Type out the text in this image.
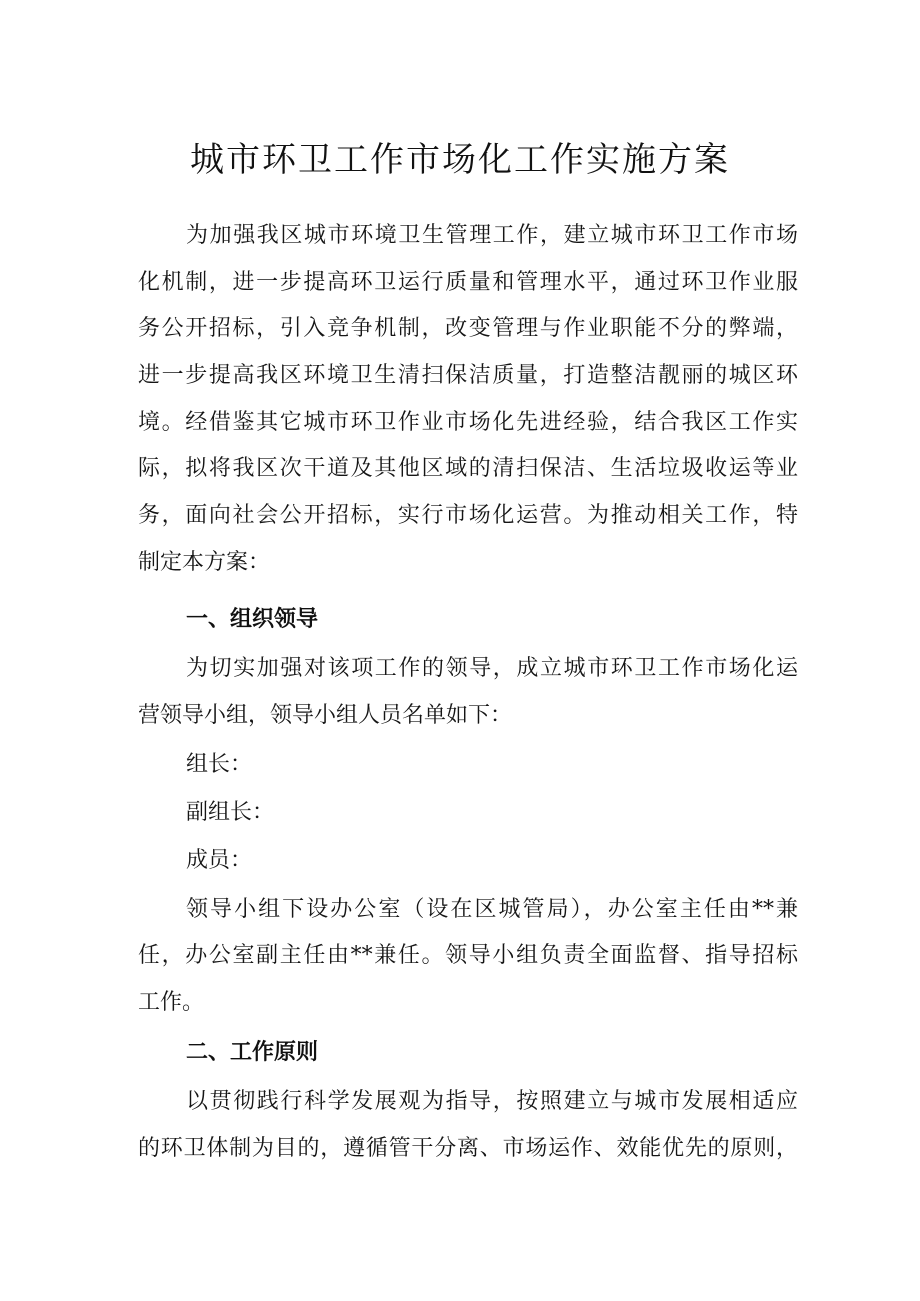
城市环卫工作市场化工作实施方案
为加强我区城市环境卫生管理工作，建立城市环卫工作市场
化机制，进一步提高环卫运行质量和管理水平，通过环卫作业服
务公开招标，引入竞争机制，改变管理与作业职能不分的弊端，
进一步提高我区环境卫生清扫保洁质量，打造整洁靓丽的城区环
境。经借鉴其它城市环卫作业市场化先进经验，结合我区工作实
际，拟将我区次干道及其他区域的清扫保洁、生活垃圾收运等业
务，面向社会公开招标，实行市场化运营。为推动相关工作，特
制定本方案：
一、组织领导
为切实加强对该项工作的领导，成立城市环卫工作市场化运
营领导小组，领导小组人员名单如下：
组长：
副组长：
成员：
领导小组下设办公室（设在区城管局），办公室主任由**兼
任，办公室副主任由**兼任。领导小组负责全面监督、指导招标
工作。
二、工作原则
以贯彻践行科学发展观为指导，按照建立与城市发展相适应
的环卫体制为目的，遵循管干分离、市场运作、效能优先的原则，
